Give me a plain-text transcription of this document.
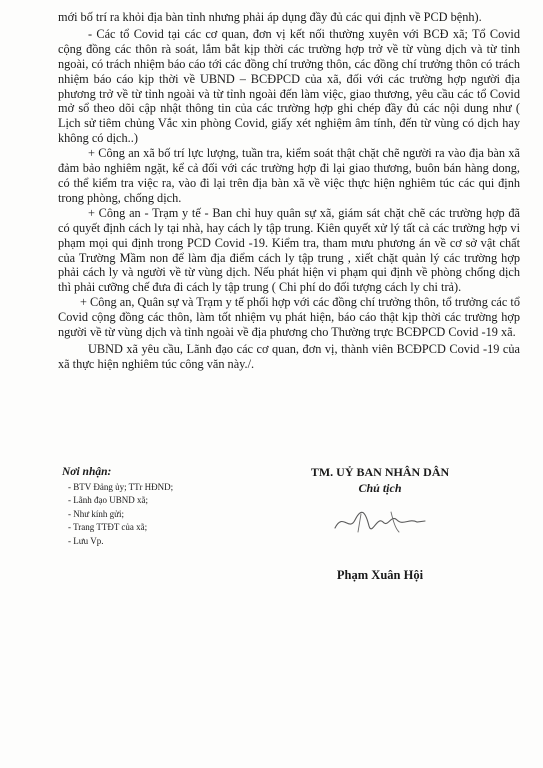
mới bố trí ra khỏi địa bàn tỉnh nhưng phải áp dụng đầy đủ các qui định về PCD bệnh).

- Các tổ Covid tại các cơ quan, đơn vị kết nối thường xuyên với BCĐ xã; Tổ Covid cộng đồng các thôn rà soát, lắm bắt kịp thời các trường hợp trở về từ vùng dịch và từ tỉnh ngoài, có trách nhiệm báo cáo tới các đồng chí trưởng thôn, các đồng chí trưởng thôn có trách nhiệm báo cáo kịp thời về UBND – BCĐPCD của xã, đối với các trường hợp người địa phương trở về từ tỉnh ngoài và từ tỉnh ngoài đến làm việc, giao thương, yêu cầu các tổ Covid mở sổ theo dõi cập nhật thông tin của các trường hợp ghi chép đầy đủ các nội dung như ( Lịch sử tiêm chủng Vắc xin phòng Covid, giấy xét nghiệm âm tính, đến từ vùng có dịch hay không có dịch..)

+ Công an xã bố trí lực lượng, tuần tra, kiểm soát thật chặt chẽ người ra vào địa bàn xã đảm bảo nghiêm ngặt, kể cả đối với các trường hợp đi lại giao thương, buôn bán hàng dong, có thể kiểm tra việc ra, vào đi lại trên địa bàn xã về việc thực hiện nghiêm túc các qui định trong phòng, chống dịch.

+ Công an - Trạm y tế - Ban chỉ huy quân sự xã, giám sát chặt chẽ các trường hợp đã có quyết định cách ly tại nhà, hay cách ly tập trung. Kiên quyết xử lý tất cả các trường hợp vi phạm mọi qui định trong PCD Covid -19. Kiểm tra, tham mưu phương án về cơ sở vật chất của Trường Mầm non để làm địa điểm cách ly tập trung , xiết chặt quản lý các trường hợp phải cách ly và người về từ vùng dịch. Nếu phát hiện vi phạm qui định về phòng chống dịch thì phải cưỡng chế đưa đi cách ly tập trung ( Chi phí do đối tượng cách ly chi trả).

+ Công an, Quân sự và Trạm y tế phối hợp với các đồng chí trưởng thôn, tổ trưởng các tổ Covid cộng đồng các thôn, làm tốt nhiệm vụ phát hiện, báo cáo thật kịp thời các trường hợp người về từ vùng dịch và tỉnh ngoài về địa phương cho Thường trực BCĐPCD Covid -19 xã.

UBND xã yêu cầu, Lãnh đạo các cơ quan, đơn vị, thành viên BCĐPCD Covid -19 của xã thực hiện nghiêm túc công văn này./.

Nơi nhận:
- BTV Đảng ủy; TTr HĐND;
- Lãnh đạo UBND xã;
- Như kính gửi;
- Trang TTĐT của xã;
- Lưu Vp.
TM. UỶ BAN NHÂN DÂN
Chủ tịch
Phạm Xuân Hội
